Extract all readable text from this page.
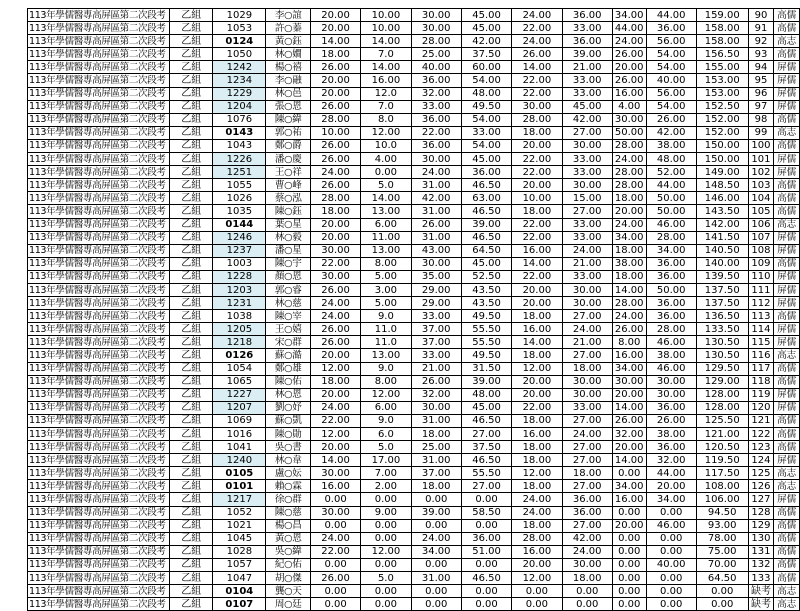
113年學儒醫專高屏區第二次段考	乙組	1029	李○誼	20.00	10.00	30.00	45.00	24.00	36.00	34.00	44.00	159.00	90	高儒
113年學儒醫專高屏區第二次段考	乙組	1053	許○蓁	20.00	10.00	30.00	45.00	22.00	33.00	44.00	36.00	158.00	91	高儒
113年學儒醫專高屏區第二次段考	乙組	0124	黃○鈺	14.00	14.00	28.00	42.00	24.00	36.00	24.00	56.00	158.00	92	高志
113年學儒醫專高屏區第二次段考	乙組	1050	林○嫺	18.00	7.0	25.00	37.50	26.00	39.00	26.00	54.00	156.50	93	高儒
113年學儒醫專高屏區第二次段考	乙組	1242	楊○禧	26.00	14.00	40.00	60.00	14.00	21.00	20.00	54.00	155.00	94	屏儒
113年學儒醫專高屏區第二次段考	乙組	1234	李○融	20.00	16.00	36.00	54.00	22.00	33.00	26.00	40.00	153.00	95	屏儒
113年學儒醫專高屏區第二次段考	乙組	1229	林○邑	20.00	12.0	32.00	48.00	22.00	33.00	16.00	56.00	153.00	96	屏儒
113年學儒醫專高屏區第二次段考	乙組	1204	張○恩	26.00	7.0	33.00	49.50	30.00	45.00	4.00	54.00	152.50	97	屏儒
113年學儒醫專高屏區第二次段考	乙組	1076	陳○緯	28.00	8.0	36.00	54.00	28.00	42.00	30.00	26.00	152.00	98	高儒
113年學儒醫專高屏區第二次段考	乙組	0143	郭○祐	10.00	12.00	22.00	33.00	18.00	27.00	50.00	42.00	152.00	99	高志
113年學儒醫專高屏區第二次段考	乙組	1043	鄭○爵	26.00	10.0	36.00	54.00	20.00	30.00	28.00	38.00	150.00	100	高儒
113年學儒醫專高屏區第二次段考	乙組	1226	潘○慶	26.00	4.00	30.00	45.00	22.00	33.00	24.00	48.00	150.00	101	屏儒
113年學儒醫專高屏區第二次段考	乙組	1251	王○祥	24.00	0.00	24.00	36.00	22.00	33.00	28.00	52.00	149.00	102	屏儒
113年學儒醫專高屏區第二次段考	乙組	1055	曹○峰	26.00	5.0	31.00	46.50	20.00	30.00	28.00	44.00	148.50	103	高儒
113年學儒醫專高屏區第二次段考	乙組	1026	蔡○泓	28.00	14.00	42.00	63.00	10.00	15.00	18.00	50.00	146.00	104	高儒
113年學儒醫專高屏區第二次段考	乙組	1035	陳○鈺	18.00	13.00	31.00	46.50	18.00	27.00	20.00	50.00	143.50	105	高儒
113年學儒醫專高屏區第二次段考	乙組	0144	葉○星	20.00	6.00	26.00	39.00	22.00	33.00	24.00	46.00	142.00	106	高志
113年學儒醫專高屏區第二次段考	乙組	1246	林○毅	20.00	11.00	31.00	46.50	22.00	33.00	34.00	28.00	141.50	107	屏儒
113年學儒醫專高屏區第二次段考	乙組	1237	潘○星	30.00	13.00	43.00	64.50	16.00	24.00	18.00	34.00	140.50	108	屏儒
113年學儒醫專高屏區第二次段考	乙組	1003	陳○宇	22.00	8.00	30.00	45.00	14.00	21.00	38.00	36.00	140.00	109	高儒
113年學儒醫專高屏區第二次段考	乙組	1228	顏○恩	30.00	5.00	35.00	52.50	22.00	33.00	18.00	36.00	139.50	110	屏儒
113年學儒醫專高屏區第二次段考	乙組	1203	郭○睿	26.00	3.00	29.00	43.50	20.00	30.00	14.00	50.00	137.50	111	屏儒
113年學儒醫專高屏區第二次段考	乙組	1231	林○慈	24.00	5.00	29.00	43.50	20.00	30.00	28.00	36.00	137.50	112	屏儒
113年學儒醫專高屏區第二次段考	乙組	1038	陳○宰	24.00	9.0	33.00	49.50	18.00	27.00	24.00	36.00	136.50	113	高儒
113年學儒醫專高屏區第二次段考	乙組	1205	王○嬉	26.00	11.0	37.00	55.50	16.00	24.00	26.00	28.00	133.50	114	屏儒
113年學儒醫專高屏區第二次段考	乙組	1218	宋○群	26.00	11.0	37.00	55.50	14.00	21.00	8.00	46.00	130.50	115	屏儒
113年學儒醫專高屏區第二次段考	乙組	0126	蘇○澔	20.00	13.00	33.00	49.50	18.00	27.00	16.00	38.00	130.50	116	高志
113年學儒醫專高屏區第二次段考	乙組	1054	鄭○雄	12.00	9.0	21.00	31.50	12.00	18.00	34.00	46.00	129.50	117	高儒
113年學儒醫專高屏區第二次段考	乙組	1065	陳○佑	18.00	8.00	26.00	39.00	20.00	30.00	30.00	30.00	129.00	118	高儒
113年學儒醫專高屏區第二次段考	乙組	1227	林○恩	20.00	12.00	32.00	48.00	20.00	30.00	20.00	30.00	128.00	119	屏儒
113年學儒醫專高屏區第二次段考	乙組	1207	劉○妤	24.00	6.00	30.00	45.00	22.00	33.00	14.00	36.00	128.00	120	屏儒
113年學儒醫專高屏區第二次段考	乙組	1069	蘇○凱	22.00	9.0	31.00	46.50	18.00	27.00	26.00	26.00	125.50	121	高儒
113年學儒醫專高屏區第二次段考	乙組	1016	陳○勛	12.00	6.0	18.00	27.00	16.00	24.00	32.00	38.00	121.00	122	高儒
113年學儒醫專高屏區第二次段考	乙組	1041	吳○書	20.00	5.0	25.00	37.50	18.00	27.00	20.00	36.00	120.50	123	高儒
113年學儒醫專高屏區第二次段考	乙組	1240	林○韋	14.00	17.00	31.00	46.50	18.00	27.00	14.00	32.00	119.50	124	屏儒
113年學儒醫專高屏區第二次段考	乙組	0105	盧○妘	30.00	7.00	37.00	55.50	12.00	18.00	0.00	44.00	117.50	125	高志
113年學儒醫專高屏區第二次段考	乙組	0101	賴○霖	16.00	2.00	18.00	27.00	18.00	27.00	34.00	20.00	108.00	126	高志
113年學儒醫專高屏區第二次段考	乙組	1217	徐○群	0.00	0.00	0.00	0.00	24.00	36.00	16.00	34.00	106.00	127	屏儒
113年學儒醫專高屏區第二次段考	乙組	1052	陳○慈	30.00	9.00	39.00	58.50	24.00	36.00	0.00	0.00	94.50	128	高儒
113年學儒醫專高屏區第二次段考	乙組	1021	楊○昌	0.00	0.00	0.00	0.00	18.00	27.00	20.00	46.00	93.00	129	高儒
113年學儒醫專高屏區第二次段考	乙組	1045	黃○恩	24.00	0.00	24.00	36.00	28.00	42.00	0.00	0.00	78.00	130	高儒
113年學儒醫專高屏區第二次段考	乙組	1028	吳○緯	22.00	12.00	34.00	51.00	16.00	24.00	0.00	0.00	75.00	131	高儒
113年學儒醫專高屏區第二次段考	乙組	1057	紀○佑	0.00	0.00	0.00	0.00	20.00	30.00	0.00	40.00	70.00	132	高儒
113年學儒醫專高屏區第二次段考	乙組	1047	胡○傑	26.00	5.0	31.00	46.50	12.00	18.00	0.00	0.00	64.50	133	高儒
113年學儒醫專高屏區第二次段考	乙組	0104	龔○天	0.00	0.00	0.00	0.00	0.00	0.00	0.00	0.00	0.00	缺考	高志
113年學儒醫專高屏區第二次段考	乙組	0107	周○廷	0.00	0.00	0.00	0.00	0.00	0.00	0.00	0.00	0.00	缺考	高志
